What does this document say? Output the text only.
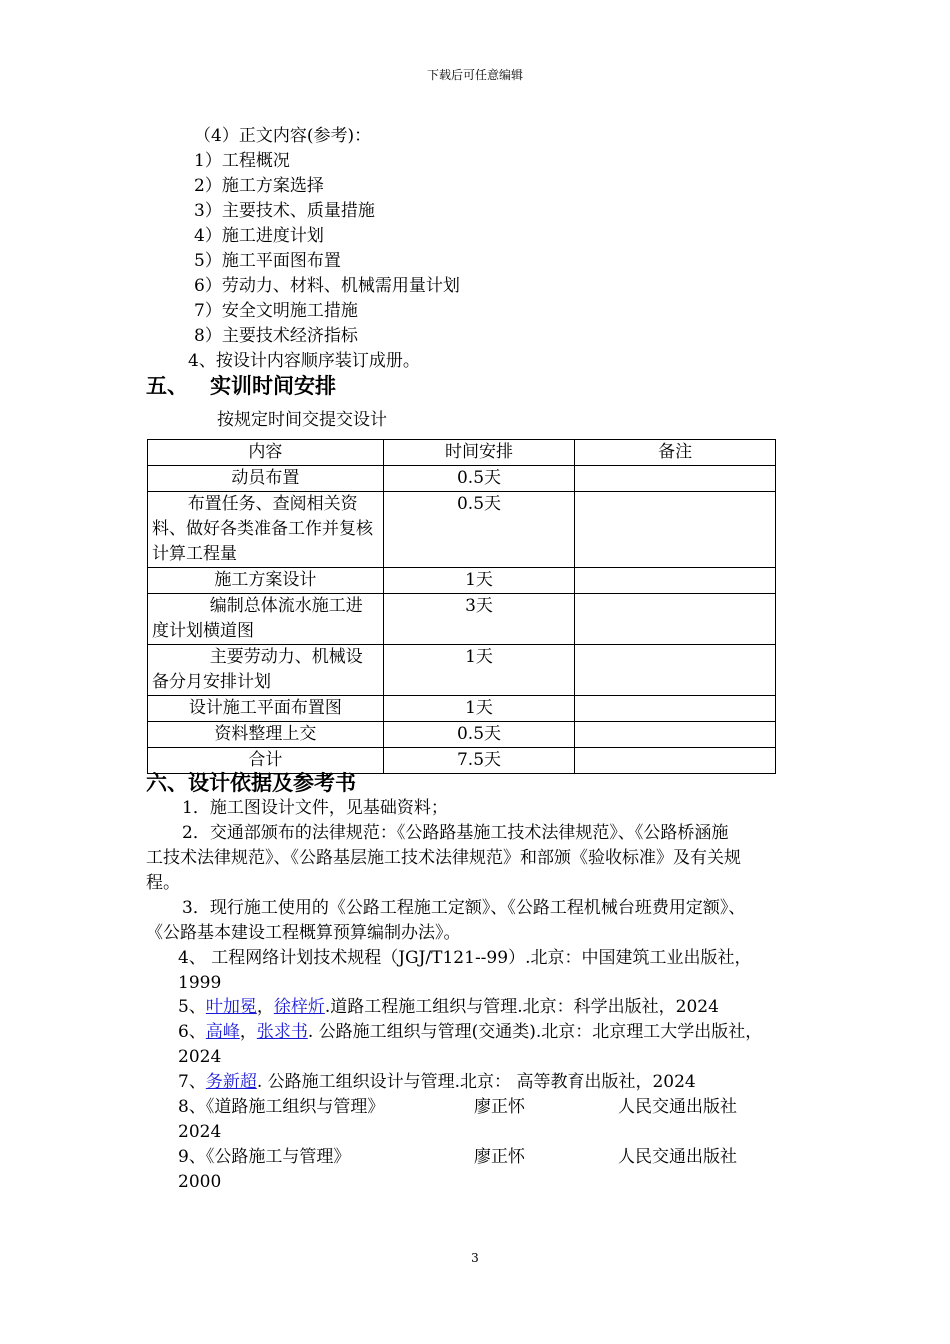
下载后可任意编辑
（4）正文内容(参考)：
1）工程概况
2）施工方案选择
3）主要技术、质量措施
4）施工进度计划
5）施工平面图布置
6）劳动力、材料、机械需用量计划
7）安全文明施工措施
8）主要技术经济指标
4、按设计内容顺序装订成册。
五、 实训时间安排
按规定时间交提交设计
内容	时间安排	备注
动员布置	0.5天	
布置任务、查阅相关资料、做好各类准备工作并复核计算工程量	0.5天	
施工方案设计	1天	
编制总体流水施工进度计划横道图	3天	
主要劳动力、机械设备分月安排计划	1天	
设计施工平面布置图	1天	
资料整理上交	0.5天	
合计	7.5天	
六、设计依据及参考书
1．施工图设计文件，见基础资料；
2．交通部颁布的法律规范：《公路路基施工技术法律规范》、《公路桥涵施
工技术法律规范》、《公路基层施工技术法律规范》和部颁《验收标准》及有关规
程。
3．现行施工使用的《公路工程施工定额》、《公路工程机械台班费用定额》、
《公路基本建设工程概算预算编制办法》。
4、 工程网络计划技术规程（JGJ/T121--99）.北京：中国建筑工业出版社，
1999
5、叶加冕，徐梓炘.道路工程施工组织与管理.北京：科学出版社，2024
6、高峰，张求书. 公路施工组织与管理(交通类).北京：北京理工大学出版社，
2024
7、务新超. 公路施工组织设计与管理.北京： 高等教育出版社，2024
8、《道路施工组织与管理》	廖正怀	人民交通出版社
2024
9、《公路施工与管理》	廖正怀	人民交通出版社
2000
3
